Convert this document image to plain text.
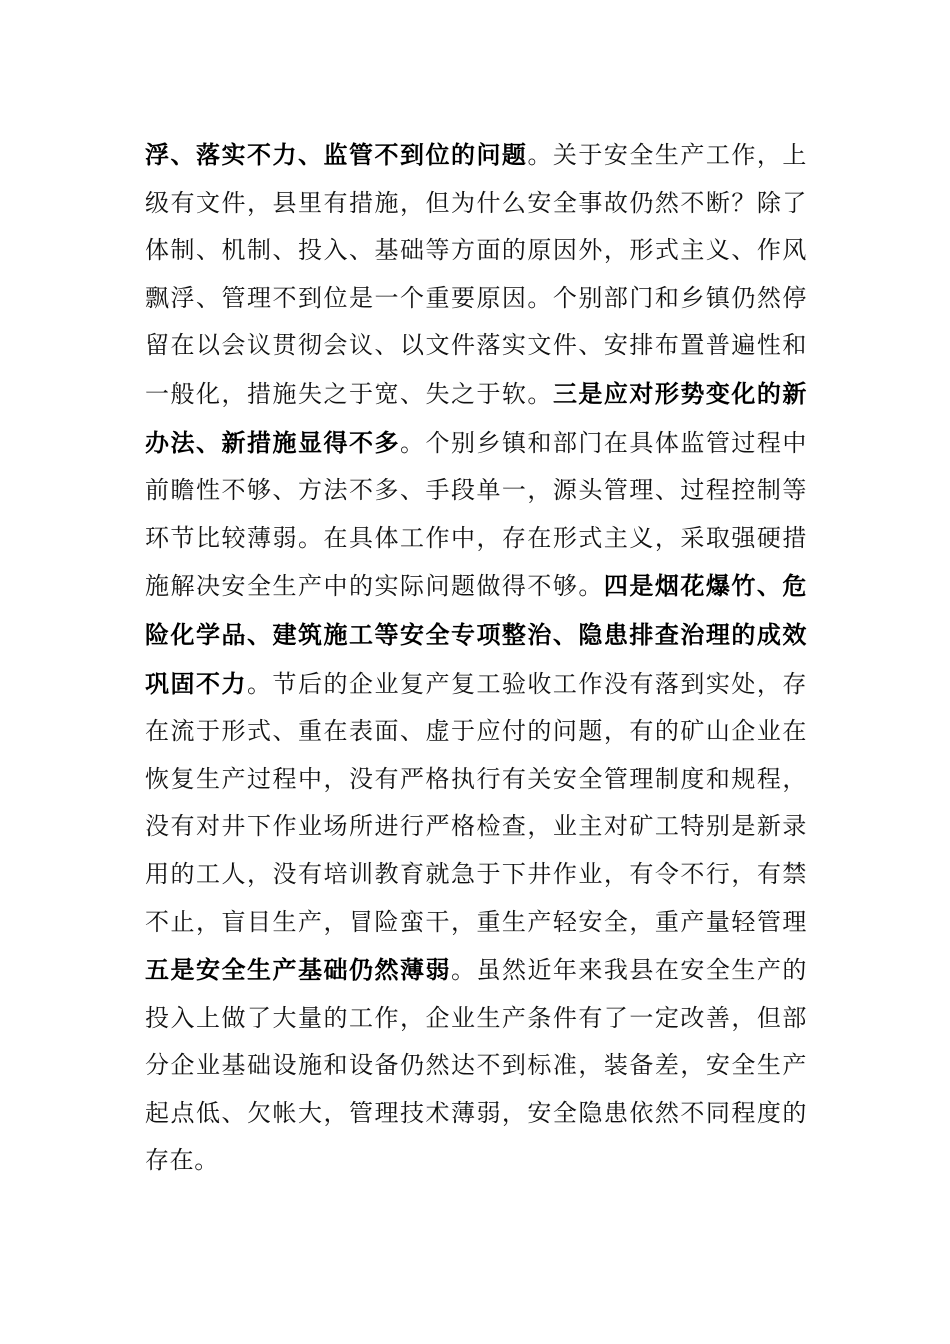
浮、落实不力、监管不到位的问题。关于安全生产工作，上级有文件，县里有措施，但为什么安全事故仍然不断？除了体制、机制、投入、基础等方面的原因外，形式主义、作风飘浮、管理不到位是一个重要原因。个别部门和乡镇仍然停留在以会议贯彻会议、以文件落实文件、安排布置普遍性和一般化，措施失之于宽、失之于软。三是应对形势变化的新办法、新措施显得不多。个别乡镇和部门在具体监管过程中前瞻性不够、方法不多、手段单一，源头管理、过程控制等环节比较薄弱。在具体工作中，存在形式主义，采取强硬措施解决安全生产中的实际问题做得不够。四是烟花爆竹、危险化学品、建筑施工等安全专项整治、隐患排查治理的成效巩固不力。节后的企业复产复工验收工作没有落到实处，存在流于形式、重在表面、虚于应付的问题，有的矿山企业在恢复生产过程中，没有严格执行有关安全管理制度和规程，没有对井下作业场所进行严格检查，业主对矿工特别是新录用的工人，没有培训教育就急于下井作业，有令不行，有禁不止，盲目生产，冒险蛮干，重生产轻安全，重产量轻管理五是安全生产基础仍然薄弱。虽然近年来我县在安全生产的投入上做了大量的工作，企业生产条件有了一定改善，但部分企业基础设施和设备仍然达不到标准，装备差，安全生产起点低、欠帐大，管理技术薄弱，安全隐患依然不同程度的存在。
